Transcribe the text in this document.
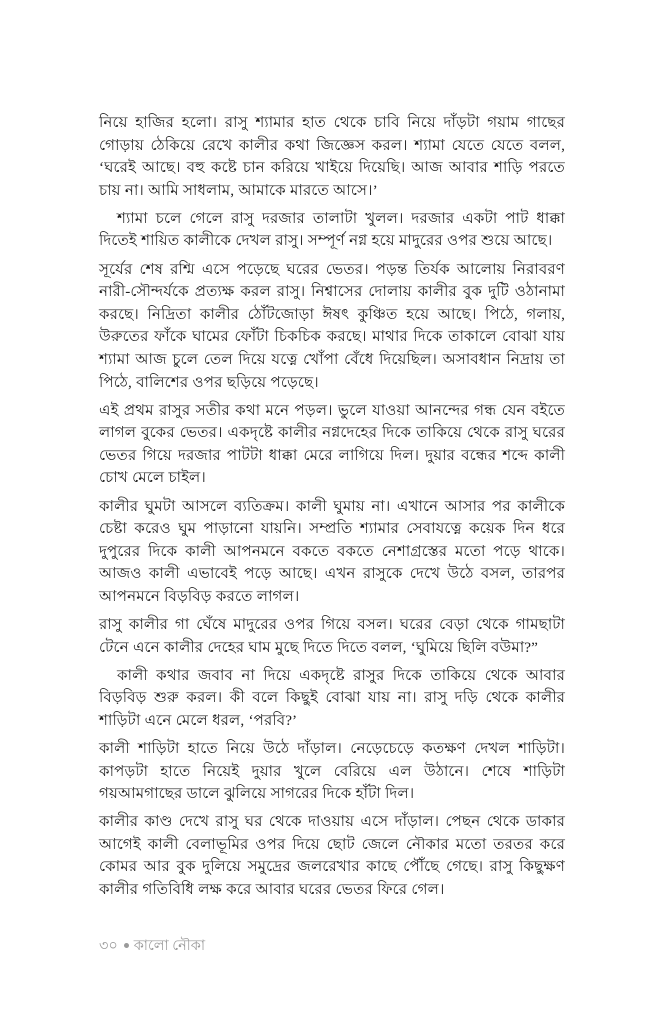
নিয়ে হাজির হলো। রাসু শ্যামার হাত থেকে চাবি নিয়ে দাঁড়টা গয়াম গাছের গোড়ায় ঠেকিয়ে রেখে কালীর কথা জিজ্ঞেস করল। শ্যামা যেতে যেতে বলল, ‘ঘরেই আছে। বহু কষ্টে চান করিয়ে খাইয়ে দিয়েছি। আজ আবার শাড়ি পরতে চায় না। আমি সাধলাম, আমাকে মারতে আসে।’

শ্যামা চলে গেলে রাসু দরজার তালাটা খুলল। দরজার একটা পাট ধাক্কা দিতেই শায়িত কালীকে দেখল রাসু। সম্পূর্ণ নগ্ন হয়ে মাদুরের ওপর শুয়ে আছে।

সূর্যের শেষ রশ্মি এসে পড়েছে ঘরের ভেতর। পড়ন্ত তির্যক আলোয় নিরাবরণ নারী-সৌন্দর্যকে প্রত্যক্ষ করল রাসু। নিশ্বাসের দোলায় কালীর বুক দুটি ওঠানামা করছে। নিদ্রিতা কালীর ঠোঁটজোড়া ঈষৎ কুঞ্চিত হয়ে আছে। পিঠে, গলায়, উরুতের ফাঁকে ঘামের ফোঁটা চিকচিক করছে। মাথার দিকে তাকালে বোঝা যায় শ্যামা আজ চুলে তেল দিয়ে যত্নে খোঁপা বেঁধে দিয়েছিল। অসাবধান নিদ্রায় তা পিঠে, বালিশের ওপর ছড়িয়ে পড়েছে।

এই প্রথম রাসুর সতীর কথা মনে পড়ল। ভুলে যাওয়া আনন্দের গন্ধ যেন বইতে লাগল বুকের ভেতর। একদৃষ্টে কালীর নগ্নদেহের দিকে তাকিয়ে থেকে রাসু ঘরের ভেতর গিয়ে দরজার পাটটা ধাক্কা মেরে লাগিয়ে দিল। দুয়ার বন্ধের শব্দে কালী চোখ মেলে চাইল।

কালীর ঘুমটা আসলে ব্যতিক্রম। কালী ঘুমায় না। এখানে আসার পর কালীকে চেষ্টা করেও ঘুম পাড়ানো যায়নি। সম্প্রতি শ্যামার সেবাযত্নে কয়েক দিন ধরে দুপুরের দিকে কালী আপনমনে বকতে বকতে নেশাগ্রস্তের মতো পড়ে থাকে। আজও কালী এভাবেই পড়ে আছে। এখন রাসুকে দেখে উঠে বসল, তারপর আপনমনে বিড়বিড় করতে লাগল।

রাসু কালীর গা ঘেঁষে মাদুরের ওপর গিয়ে বসল। ঘরের বেড়া থেকে গামছাটা টেনে এনে কালীর দেহের ঘাম মুছে দিতে দিতে বলল, ‘ঘুমিয়ে ছিলি বউমা?”

কালী কথার জবাব না দিয়ে একদৃষ্টে রাসুর দিকে তাকিয়ে থেকে আবার বিড়বিড় শুরু করল। কী বলে কিছুই বোঝা যায় না। রাসু দড়ি থেকে কালীর শাড়িটা এনে মেলে ধরল, ‘পরবি?’

কালী শাড়িটা হাতে নিয়ে উঠে দাঁড়াল। নেড়েচেড়ে কতক্ষণ দেখল শাড়িটা। কাপড়টা হাতে নিয়েই দুয়ার খুলে বেরিয়ে এল উঠানে। শেষে শাড়িটা গয়আমগাছের ডালে ঝুলিয়ে সাগরের দিকে হাঁটা দিল।

কালীর কাণ্ড দেখে রাসু ঘর থেকে দাওয়ায় এসে দাঁড়াল। পেছন থেকে ডাকার আগেই কালী বেলাভূমির ওপর দিয়ে ছোট জেলে নৌকার মতো তরতর করে কোমর আর বুক দুলিয়ে সমুদ্রের জলরেখার কাছে পৌঁছে গেছে। রাসু কিছুক্ষণ কালীর গতিবিধি লক্ষ করে আবার ঘরের ভেতর ফিরে গেল।

৩০ কালো নৌকা
